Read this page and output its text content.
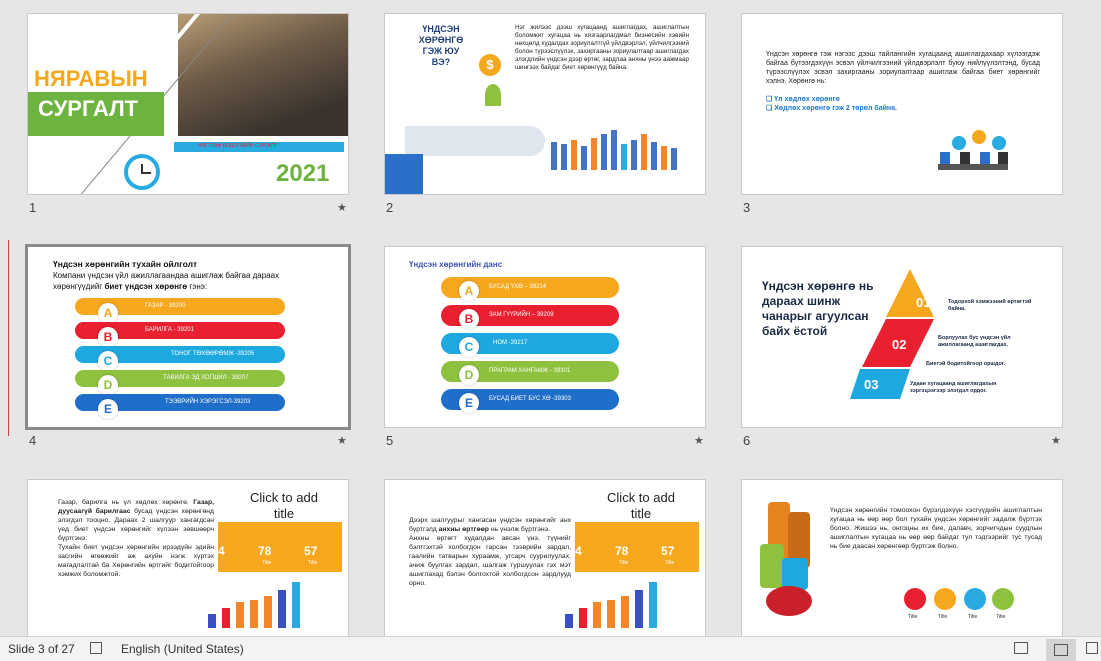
НЯРАВЫН
СУРГАЛТ
НЯГТЛАН БОДОГЧИЙН СУРГАЛТ
2021
1	★
ҮНДСЭН ХӨРӨНГӨ ГЭЖ ЮУ ВЭ?	$
Нэг жилээс дээш хугацаанд ашиглагдах, ашиглалтын боломжит хугацаа нь хязгаарлагдмал бизнесийн хэвийн нөхцөлд худалдах зориулалтгүй үйлдвэрлэл, үйлчилгээний болон түрээслүүлэх, захиргааны зориулалтаар ашиглагдах элэгдлийн үндсэн дээр өртөг, зардлаа анхны үнээ аажмаар шингээх байдаг биет хөрөнгүүд байна.
2
Үндсэн хөрөнгө гэж нэгээс дээш тайлангийн хугацаанд ашиглагдахаар хүлээгдэж байгаа бүтээгдэхүүн эсвэл үйлчилгээний үйлдвэрлэлт буюу нийлүүлэлтэнд, бусад түрээслүүлэх эсвэл захиргааны зориулалтаар ашиглаж байгаа биет хөрөнгийг хэлнэ. Хөрөнгө нь:
❑ Үл хөдлөх хөрөнгө
❑ Хөдлөх хөрөнгө гэж 2 төрөл байна.
3
Үндсэн хөрөнгийн тухайн ойлголт
Компани үндсэн үйл ажиллагаандаа ашиглаж байгаа дараах хөрөнгүүдийг биет үндсэн хөрөнгө гэнэ:
ГАЗАР - 39200
A
БАРИЛГА - 39201
B
ТОНОГ ТӨХӨӨРӨМЖ -39205
C
ТАВИЛГА ЭД ХОГШИЛ - 39207
D
ТЭЭВРИЙН ХЭРЭГСЭЛ-39203
E
4	★
Үндсэн хөрөнгийн данс
БУСАД ҮХӨ – 39214
A
ЗАМ ГҮҮРИЙН – 39209
B
НОМ -39217
C
ПРАГРАМ ХАНГАМЖ - 39301
D
БУСАД БИЕТ БУС ХӨ -39303
E
5	★
Үндсэн хөрөнгө нь дараах шинж чанарыг агуулсан байх ёстой
01
02
03
Тодорхой хэмжээний өртөгтэй байна.
Борлуулах бус үндсэн үйл ажиллагаанд ашиглагдах.
Биетэй бодитойгоор оршдог.
Удаан хугацаанд ашиглагдахын зэргэцээгээр элэгдэл ордог.
6	★
Газар, барилга нь үл хөдлөх хөрөнгө. Газар, дуусаагүй барилгаас бусад үндсэн хөрөнгөнд элэгдэл тооцно. Дараах 2 шалгуур хангагдсан үед биет үндсэн хөрөнгийг хүлээн зөвшөөрч бүртгэнэ:
Тухайн биет үндсэн хөрөнгийн ирээдүйн эдийн засгийн өгөөжийг аж ахуйн нэгж хүртэх магадлалтай ба Хөрөнгийн өртгийг бодитойгоор хэмжих боломжтой.
Click to add title
4	78	57
Title	Title
Дээрх шалгуурыг хангасан үндсэн хөрөнгийг анх бүртгэлд анхны өртгөөр нь үнэлж бүртгэнэ.
Анхны өртөгт худалдан авсан үнэ, түүнийг бэлтгэхтэй холбогдон гарсан тээврийн зардал, гаалийн татварын хураамж, угсарч суурилуулах, ачиж буулгах зардал, шалгаж туршуулах гэх мэт ашиглахад бэлэн болгохтой холбогдсон зардлууд орно.
Click to add title
4	78	57
Title	Title
Үндсэн хөрөнгийн томоохон бүрэлдэхүүн хэсгүүдийн ашиглалтын хугацаа нь өөр өөр бол тухайн үндсэн хөрөнгийг задалж бүртгэх болно. Жишээ нь, онгоцны их бие, далавч, зорчигчдын суудлын ашиглалтын хугацаа нь өөр өөр байдаг тул тэдгээрийг тус тусад нь бие даасан хөрөнгөөр бүртгэж болно.
Title	Title	Title	Title
Slide 3 of 27	English (United States)
